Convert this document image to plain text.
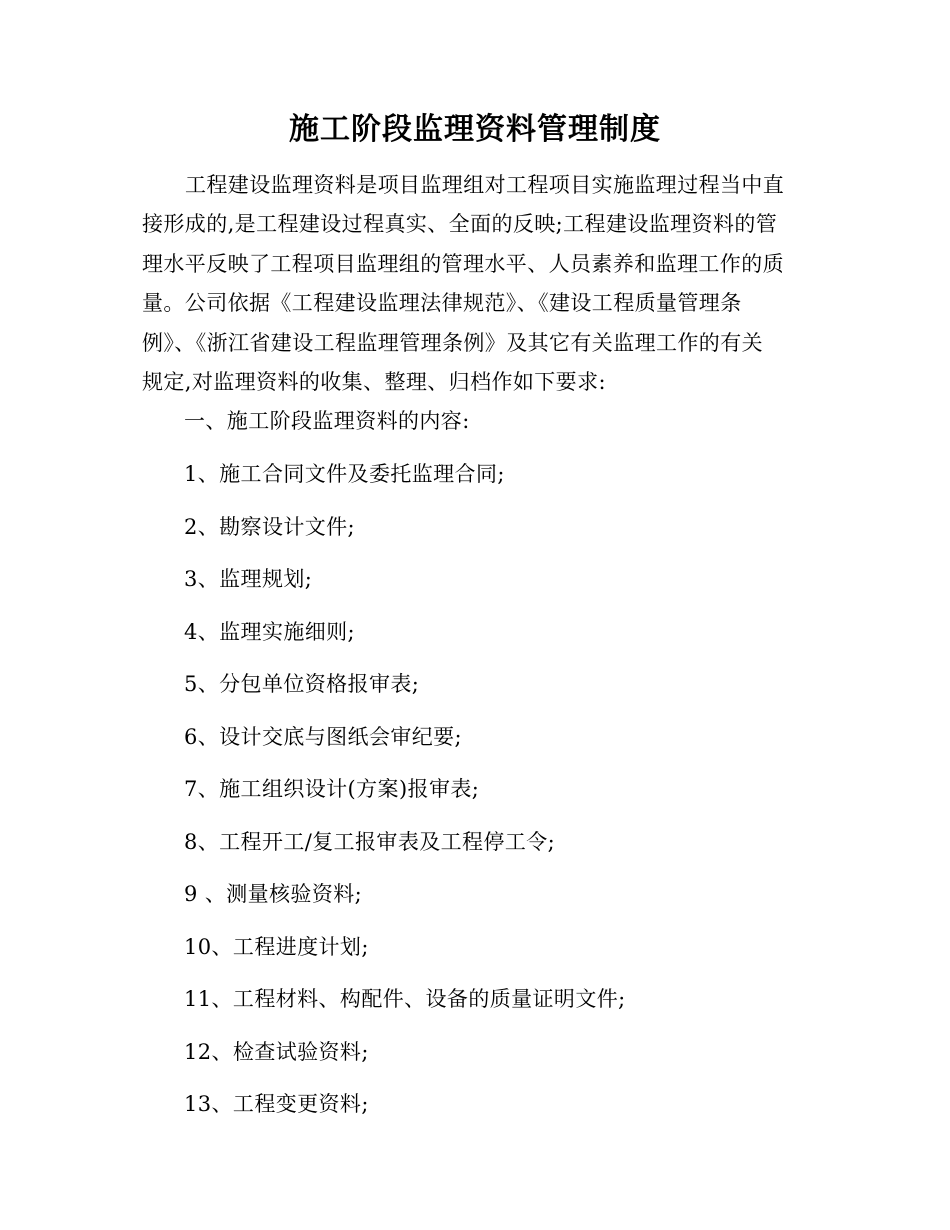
施工阶段监理资料管理制度
工程建设监理资料是项目监理组对工程项目实施监理过程当中直
接形成的,是工程建设过程真实、全面的反映;工程建设监理资料的管
理水平反映了工程项目监理组的管理水平、人员素养和监理工作的质
量。公司依据《工程建设监理法律规范》、《建设工程质量管理条
例》、《浙江省建设工程监理管理条例》及其它有关监理工作的有关
规定,对监理资料的收集、整理、归档作如下要求:
一、施工阶段监理资料的内容:
1、施工合同文件及委托监理合同;
2、勘察设计文件;
3、监理规划;
4、监理实施细则;
5、分包单位资格报审表;
6、设计交底与图纸会审纪要;
7、施工组织设计(方案)报审表;
8、工程开工/复工报审表及工程停工令;
9 、测量核验资料;
10、工程进度计划;
11、工程材料、构配件、设备的质量证明文件;
12、检查试验资料;
13、工程变更资料;
